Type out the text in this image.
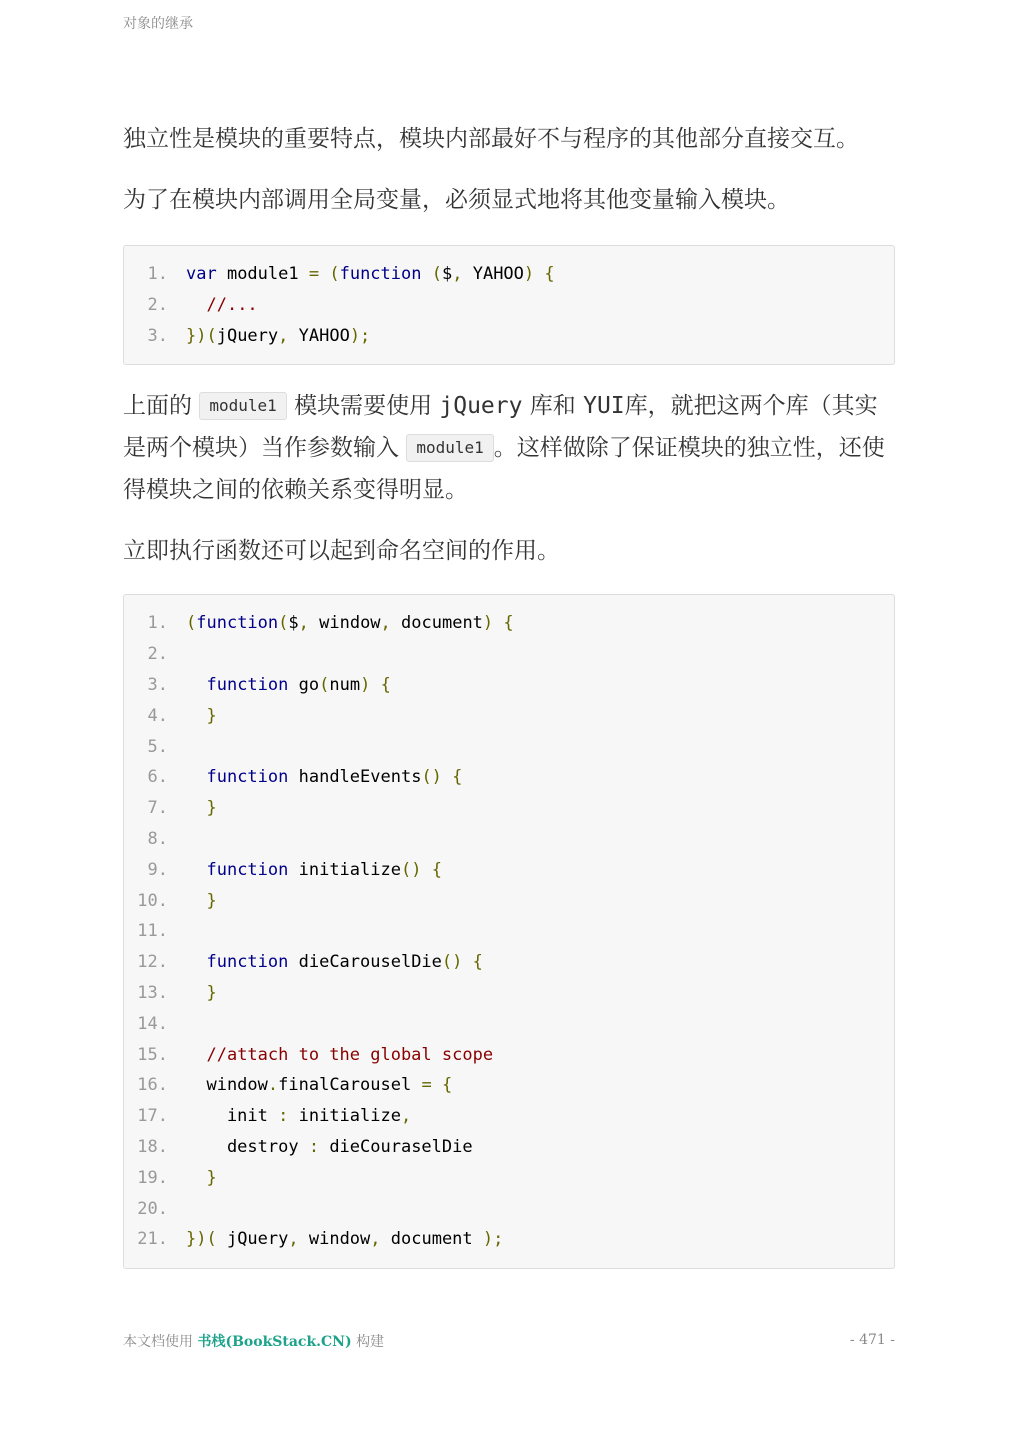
对象的继承

独立性是模块的重要特点，模块内部最好不与程序的其他部分直接交互。

为了在模块内部调用全局变量，必须显式地将其他变量输入模块。

1. var module1 = (function ($, YAHOO) {
2. //...
3. })(jQuery, YAHOO);

上面的 module1 模块需要使用 jQuery 库和 YUI库，就把这两个库（其实是两个模块）当作参数输入 module1 。这样做除了保证模块的独立性，还使得模块之间的依赖关系变得明显。

立即执行函数还可以起到命名空间的作用。

1. (function($, window, document) {
2.
3. function go(num) {
4. }
5.
6. function handleEvents() {
7. }
8.
9. function initialize() {
10. }
11.
12. function dieCarouselDie() {
13. }
14.
15. //attach to the global scope
16.  window.finalCarousel = {
17.    init : initialize,
18.    destroy : dieCouraselDie
19. }
20.
21. })( jQuery, window, document );
本文档使用 书栈(BookStack.CN) 构建	- 471 -
